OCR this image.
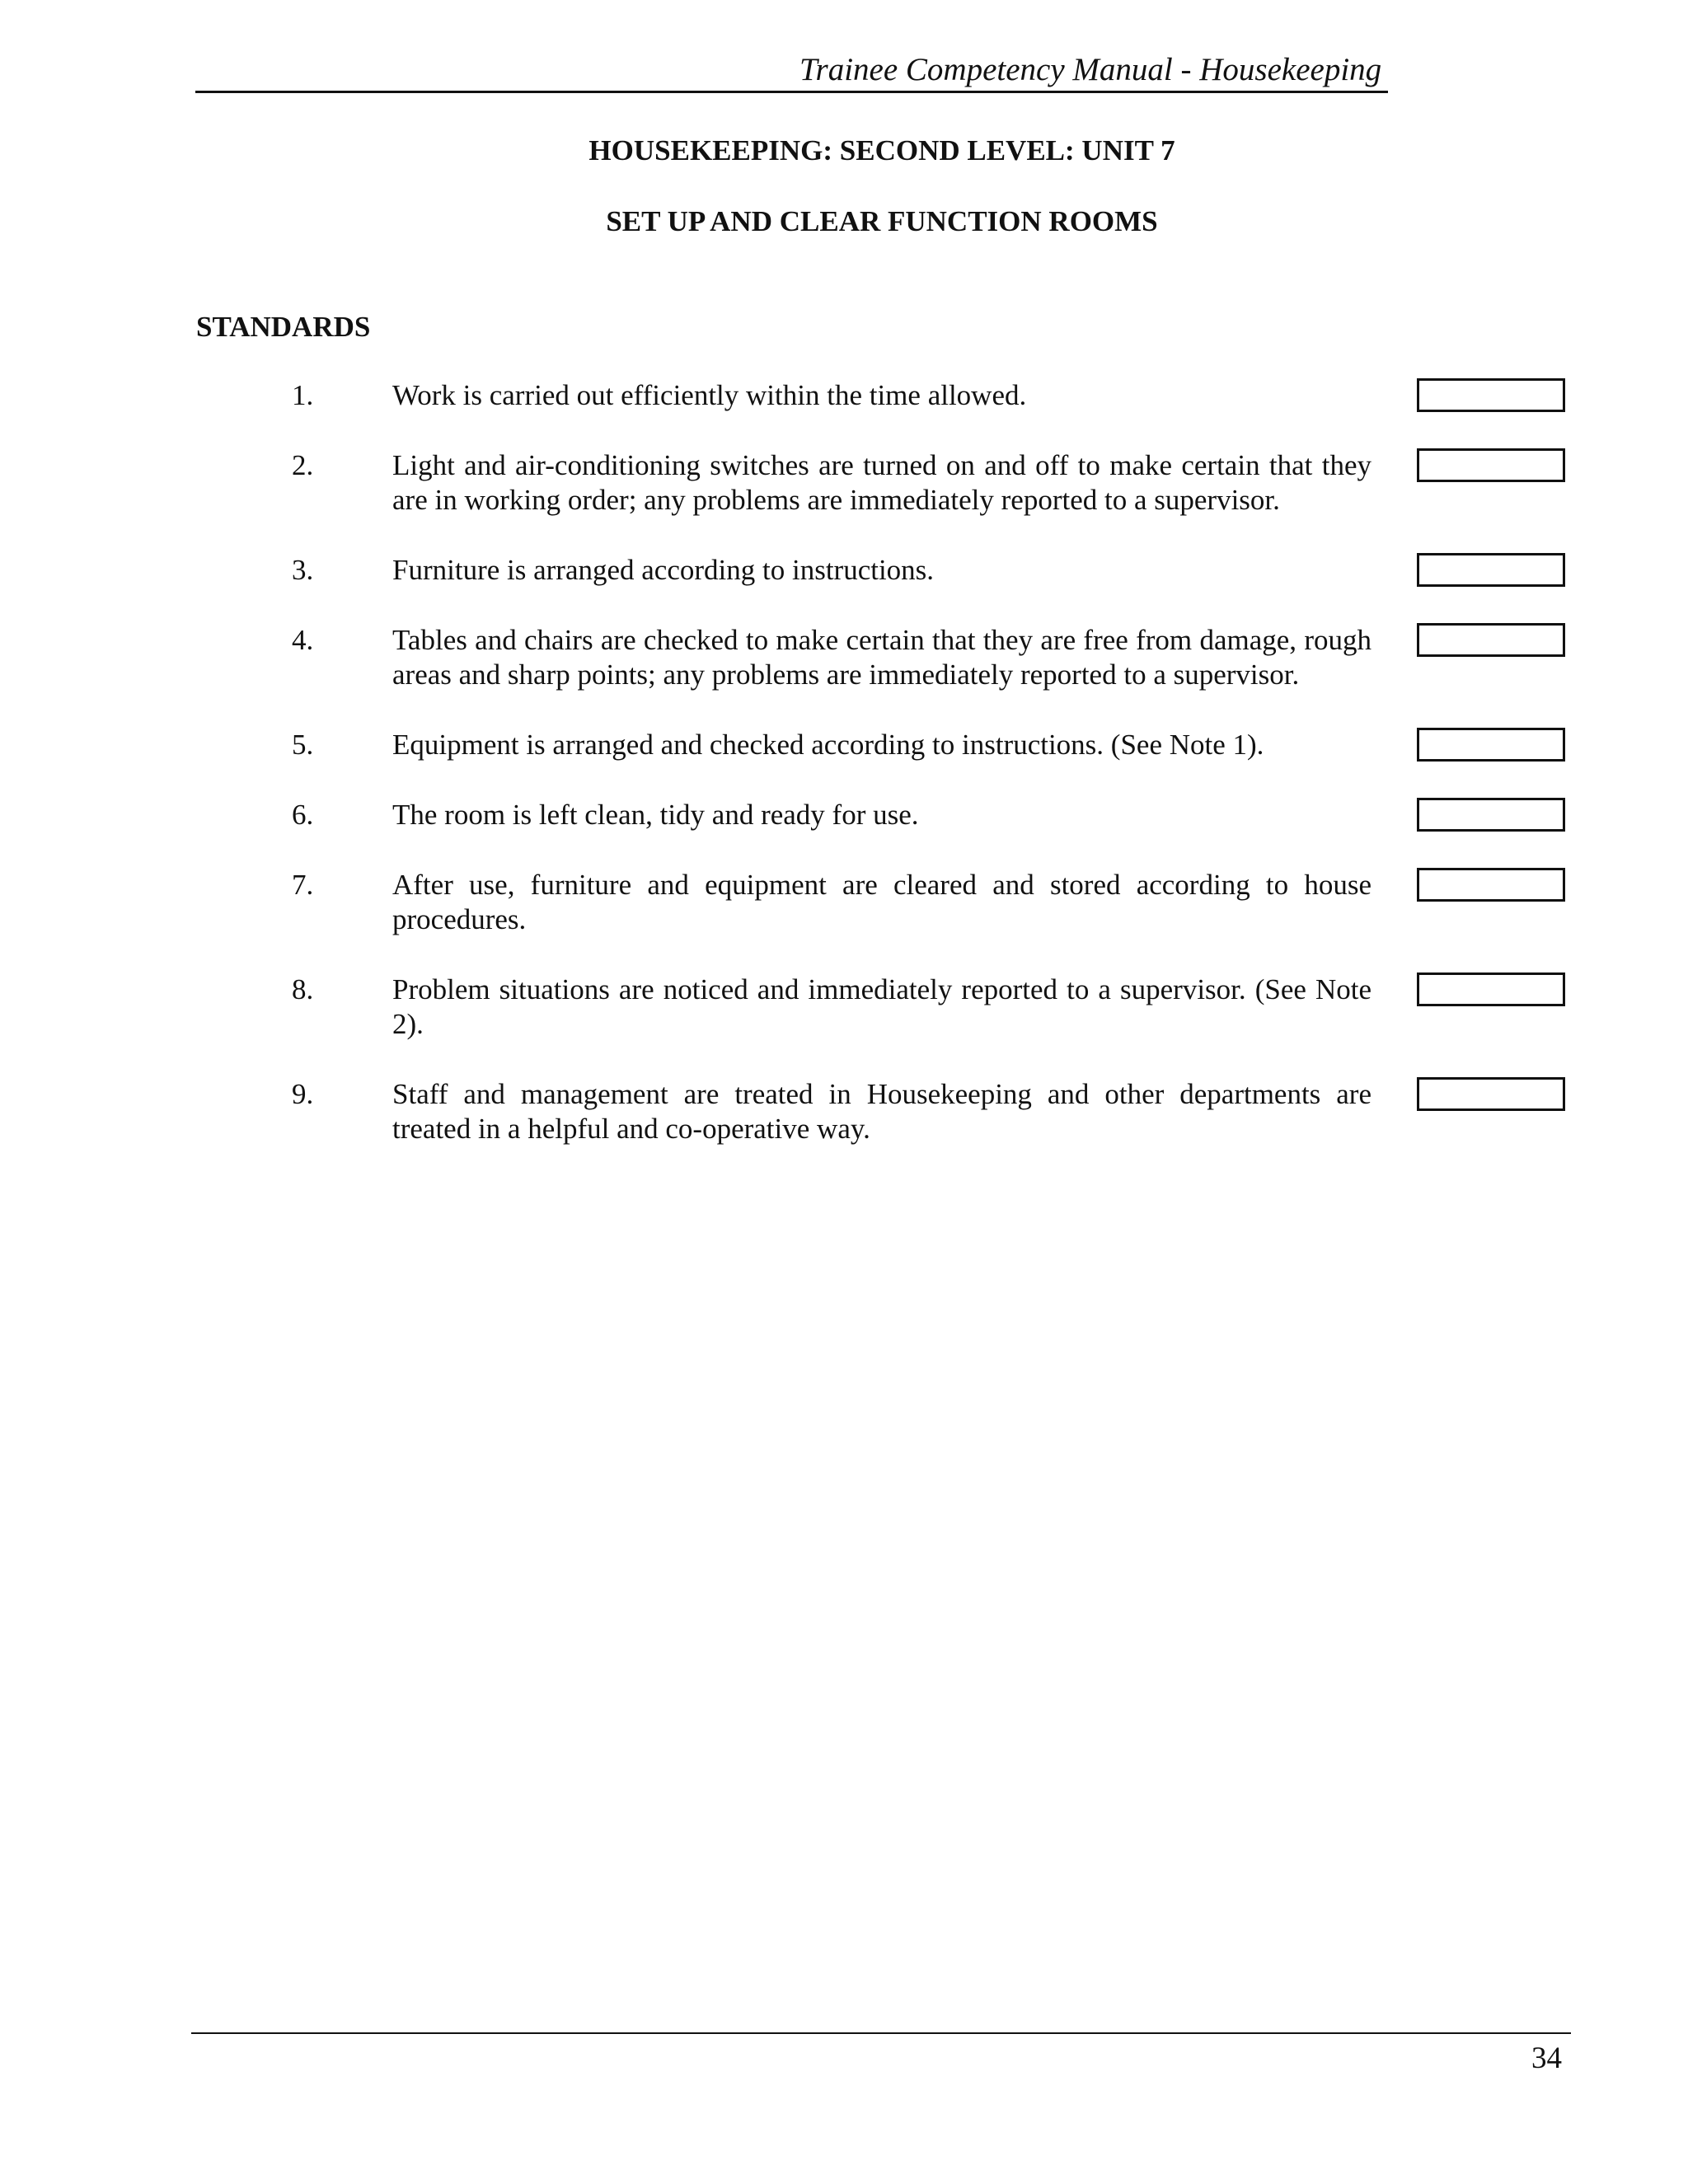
Trainee Competency Manual - Housekeeping
HOUSEKEEPING: SECOND LEVEL: UNIT 7
SET UP AND CLEAR FUNCTION ROOMS
STANDARDS
1.	Work is carried out efficiently within the time allowed.
2.	Light and air-conditioning switches are turned on and off to make certain that they are in working order; any problems are immediately reported to a supervisor.
3.	Furniture is arranged according to instructions.
4.	Tables and chairs are checked to make certain that they are free from damage, rough areas and sharp points; any problems are immediately reported to a supervisor.
5.	Equipment is arranged and checked according to instructions. (See Note 1).
6.	The room is left clean, tidy and ready for use.
7.	After use, furniture and equipment are cleared and stored according to house procedures.
8.	Problem situations are noticed and immediately reported to a supervisor. (See Note 2).
9.	Staff and management are treated in Housekeeping and other departments are treated in a helpful and co-operative way.
34
